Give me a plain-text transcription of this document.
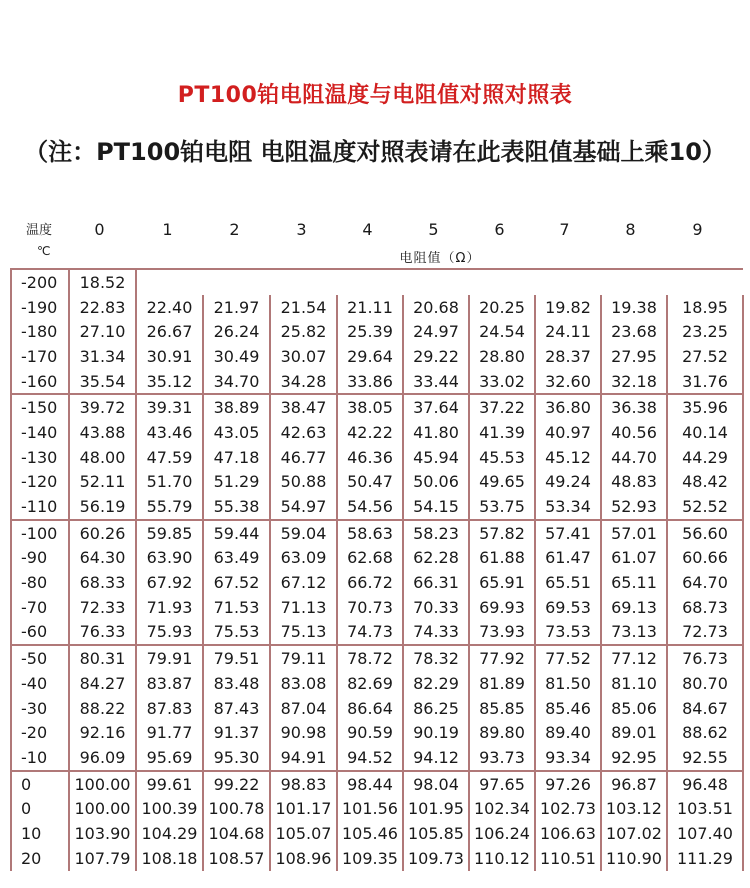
PT100铂电阻温度与电阻值对照对照表
（注：PT100铂电阻 电阻温度对照表请在此表阻值基础上乘10）
温度
℃
0	1	2	3	4	5	6	7	8	9
电阻值（Ω）
-200	18.52									
-190	22.83	22.40	21.97	21.54	21.11	20.68	20.25	19.82	19.38	18.95
-180	27.10	26.67	26.24	25.82	25.39	24.97	24.54	24.11	23.68	23.25
-170	31.34	30.91	30.49	30.07	29.64	29.22	28.80	28.37	27.95	27.52
-160	35.54	35.12	34.70	34.28	33.86	33.44	33.02	32.60	32.18	31.76
-150	39.72	39.31	38.89	38.47	38.05	37.64	37.22	36.80	36.38	35.96
-140	43.88	43.46	43.05	42.63	42.22	41.80	41.39	40.97	40.56	40.14
-130	48.00	47.59	47.18	46.77	46.36	45.94	45.53	45.12	44.70	44.29
-120	52.11	51.70	51.29	50.88	50.47	50.06	49.65	49.24	48.83	48.42
-110	56.19	55.79	55.38	54.97	54.56	54.15	53.75	53.34	52.93	52.52
-100	60.26	59.85	59.44	59.04	58.63	58.23	57.82	57.41	57.01	56.60
-90	64.30	63.90	63.49	63.09	62.68	62.28	61.88	61.47	61.07	60.66
-80	68.33	67.92	67.52	67.12	66.72	66.31	65.91	65.51	65.11	64.70
-70	72.33	71.93	71.53	71.13	70.73	70.33	69.93	69.53	69.13	68.73
-60	76.33	75.93	75.53	75.13	74.73	74.33	73.93	73.53	73.13	72.73
-50	80.31	79.91	79.51	79.11	78.72	78.32	77.92	77.52	77.12	76.73
-40	84.27	83.87	83.48	83.08	82.69	82.29	81.89	81.50	81.10	80.70
-30	88.22	87.83	87.43	87.04	86.64	86.25	85.85	85.46	85.06	84.67
-20	92.16	91.77	91.37	90.98	90.59	90.19	89.80	89.40	89.01	88.62
-10	96.09	95.69	95.30	94.91	94.52	94.12	93.73	93.34	92.95	92.55
0	100.00	99.61	99.22	98.83	98.44	98.04	97.65	97.26	96.87	96.48
0	100.00	100.39	100.78	101.17	101.56	101.95	102.34	102.73	103.12	103.51
10	103.90	104.29	104.68	105.07	105.46	105.85	106.24	106.63	107.02	107.40
20	107.79	108.18	108.57	108.96	109.35	109.73	110.12	110.51	110.90	111.29
